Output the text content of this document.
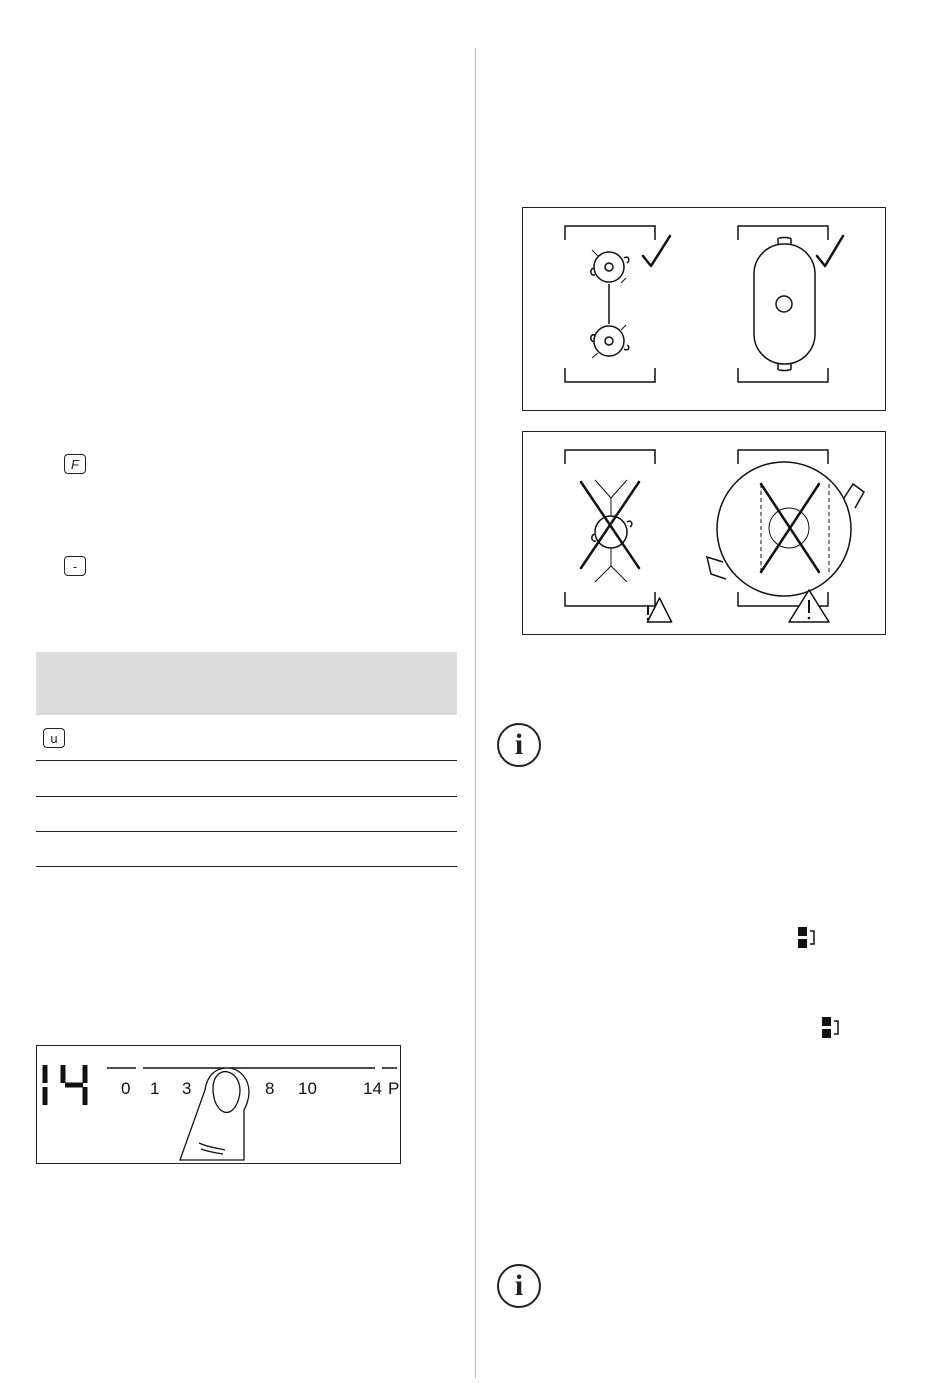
F
-
u
0 1 3	8 10	14 P
i
i
